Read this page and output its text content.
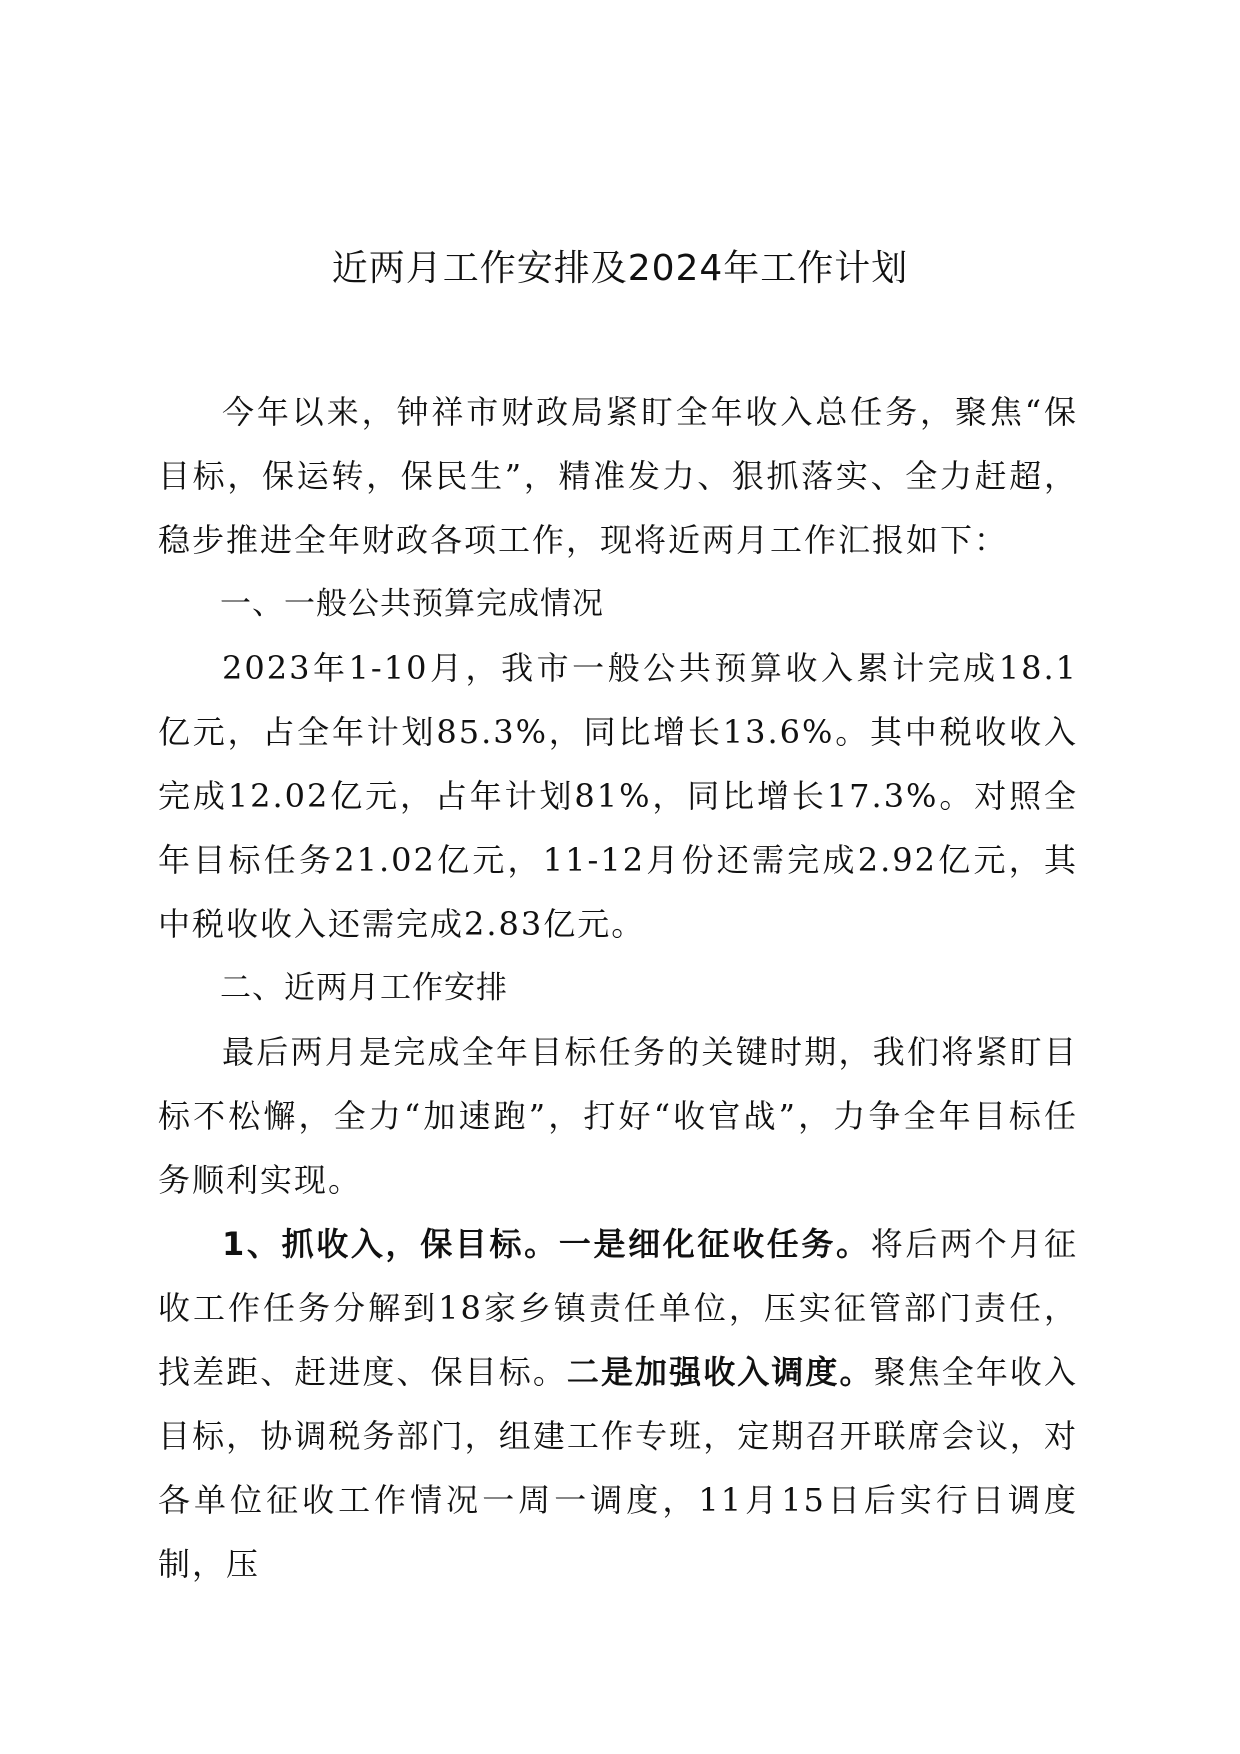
近两月工作安排及2024年工作计划

今年以来，钟祥市财政局紧盯全年收入总任务，聚焦“保目标，保运转，保民生”，精准发力、狠抓落实、全力赶超，稳步推进全年财政各项工作，现将近两月工作汇报如下：

一、一般公共预算完成情况

2023年1-10月，我市一般公共预算收入累计完成18.1亿元，占全年计划85.3%，同比增长13.6%。其中税收收入完成12.02亿元，占年计划81%，同比增长17.3%。对照全年目标任务21.02亿元，11-12月份还需完成2.92亿元，其中税收收入还需完成2.83亿元。

二、近两月工作安排

最后两月是完成全年目标任务的关键时期，我们将紧盯目标不松懈，全力“加速跑”，打好“收官战”，力争全年目标任务顺利实现。

1、抓收入，保目标。一是细化征收任务。将后两个月征收工作任务分解到18家乡镇责任单位，压实征管部门责任，找差距、赶进度、保目标。二是加强收入调度。聚焦全年收入目标，协调税务部门，组建工作专班，定期召开联席会议，对各单位征收工作情况一周一调度，11月15日后实行日调度制，压
